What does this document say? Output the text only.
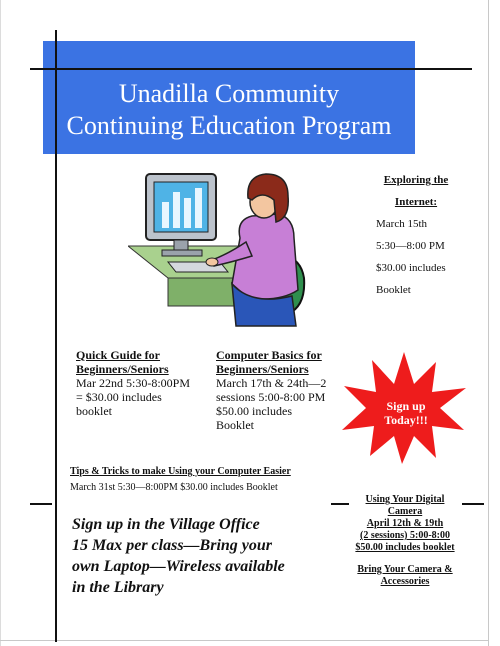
Unadilla Community
Continuing Education Program
Exploring the
Internet:
March 15th
5:30—8:00 PM
$30.00 includes
Booklet
Quick Guide for
Beginners/Seniors
Mar 22nd 5:30-8:00PM
= $30.00 includes
booklet
Computer Basics for
Beginners/Seniors
March 17th & 24th—2
sessions 5:00-8:00 PM
$50.00 includes
Booklet
Sign up
Today!!!
Tips & Tricks to make Using your Computer Easier
March 31st 5:30—8:00PM $30.00 includes Booklet
Sign up in the Village Office
15 Max per class—Bring your
own Laptop—Wireless available
in the Library
Using Your Digital
Camera
April 12th & 19th
(2 sessions) 5:00-8:00
$50.00 includes booklet
Bring Your Camera &
Accessories
